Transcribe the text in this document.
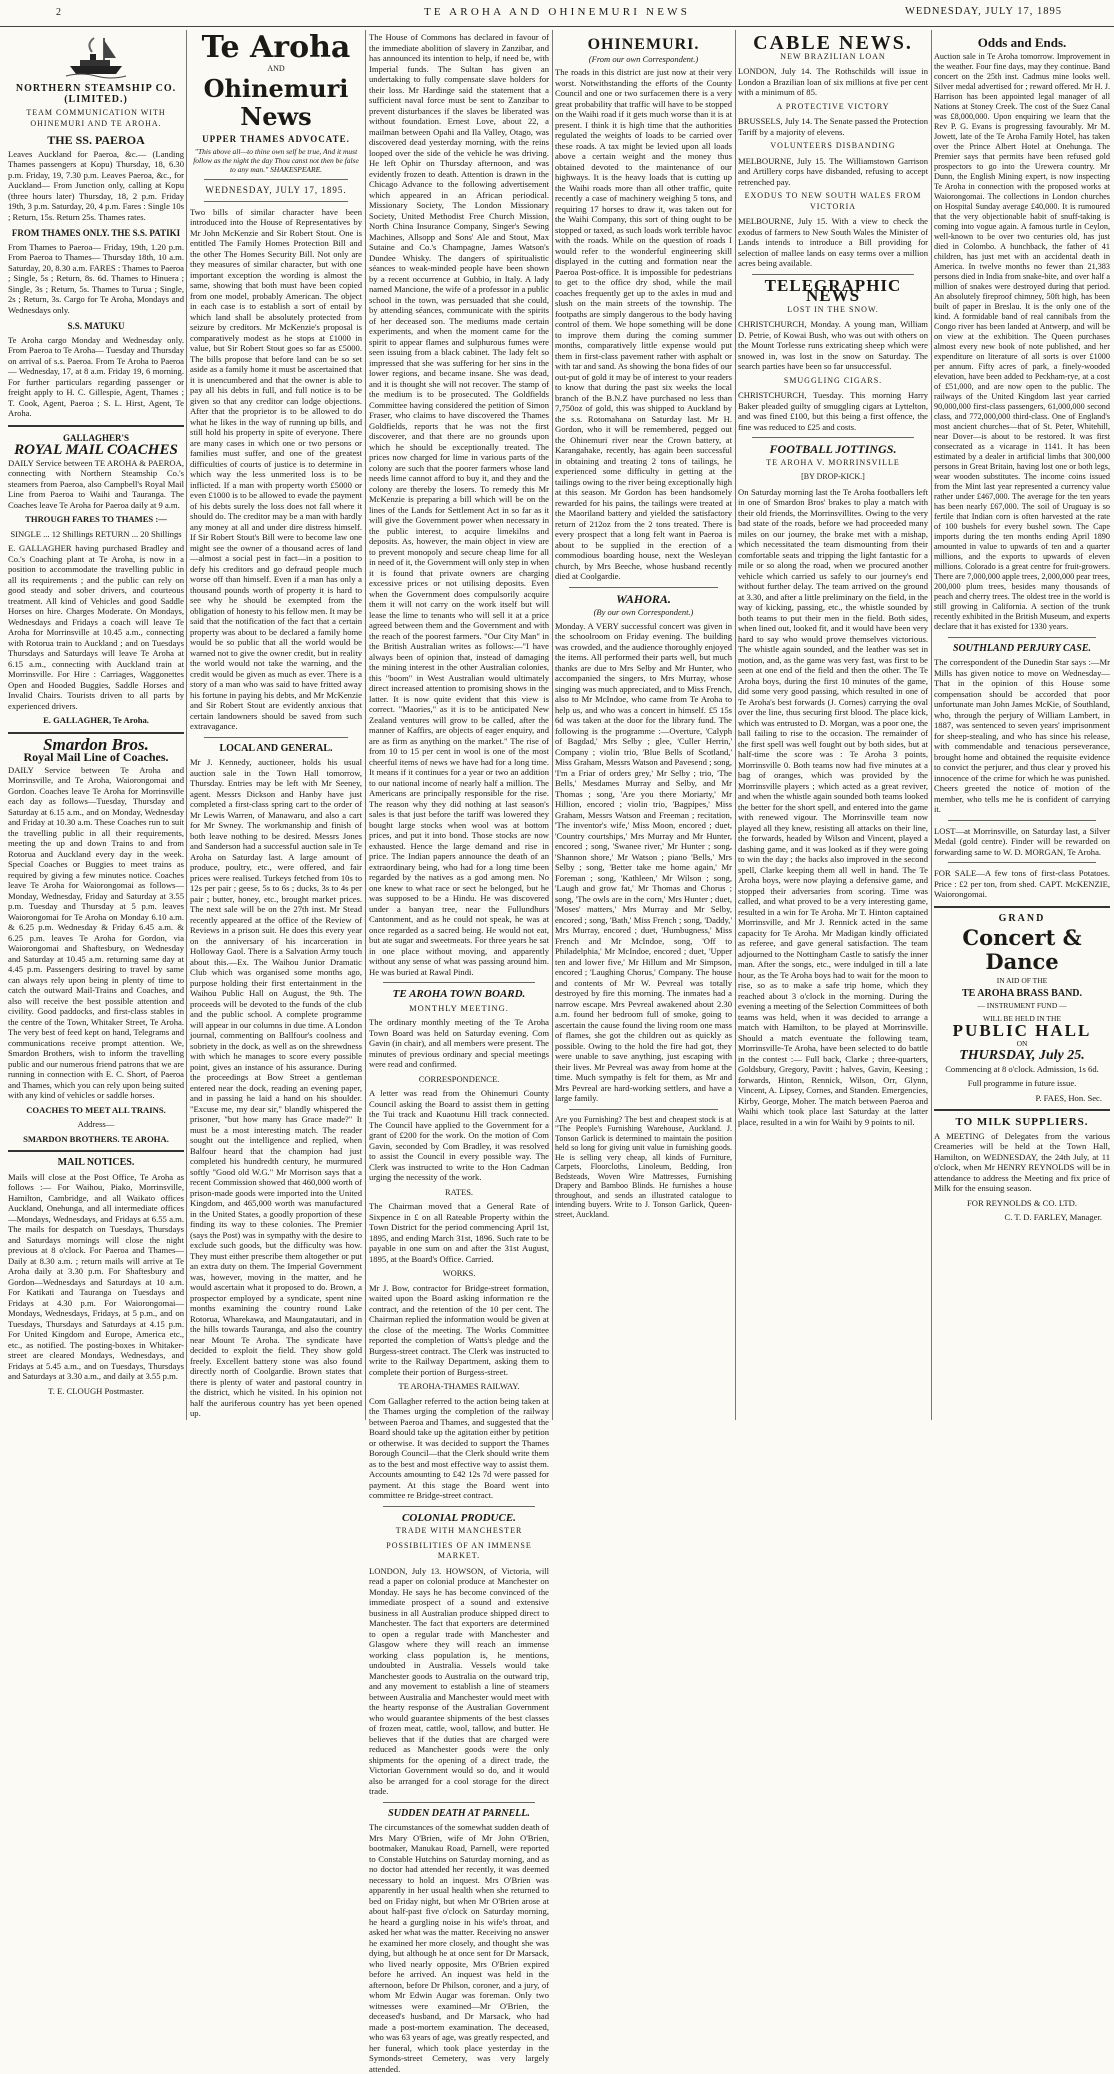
2	TE AROHA AND OHINEMURI NEWS	WEDNESDAY, JULY 17, 1895

NORTHERN STEAMSHIP CO. (LIMITED.)

TEAM COMMUNICATION WITH OHINEMURI AND TE AROHA.

THE SS. PAEROA

Leaves Auckland for Paeroa, &c.— (Landing Thames passengers at Kopu) Thursday, 18, 6.30 p.m. Friday, 19, 7.30 p.m. Leaves Paeroa, &c., for Auckland— From Junction only, calling at Kopu (three hours later) Thursday, 18, 2 p.m. Friday 19th, 3 p.m. Saturday, 20, 4 p.m. Fares : Single 10s ; Return, 15s. Return 25s. Thames rates.

FROM THAMES ONLY. THE S.S. PATIKI

From Thames to Paeroa— Friday, 19th, 1.20 p.m. From Paeroa to Thames— Thursday 18th, 10 a.m. Saturday, 20, 8.30 a.m. FARES : Thames to Paeroa ; Single, 5s ; Return, 8s. 6d. Thames to Hinuera ; Single, 3s ; Return, 5s. Thames to Turua ; Single, 2s ; Return, 3s. Cargo for Te Aroha, Mondays and Wednesdays only.

S.S. MATUKU

Te Aroha cargo Monday and Wednesday only. From Paeroa to Te Aroha— Tuesday and Thursday on arrival of s.s. Paeroa. From Te Aroha to Paeroa— Wednesday, 17, at 8 a.m. Friday 19, 6 morning. For further particulars regarding passenger or freight apply to H. C. Gillespie, Agent, Thames ; T. Cook, Agent, Paeroa ; S. L. Hirst, Agent, Te Aroha.

GALLAGHER'S

ROYAL MAIL COACHES

DAILY Service between TE AROHA & PAEROA, connecting with Northern Steamship Co.'s steamers from Paeroa, also Campbell's Royal Mail Line from Paeroa to Waihi and Tauranga. The Coaches leave Te Aroha for Paeroa daily at 9 a.m.

THROUGH FARES TO THAMES :—

SINGLE ... 12 Shillings RETURN ... 20 Shillings

E. GALLAGHER having purchased Bradley and Co.'s Coaching plant at Te Aroha, is now in a position to accommodate the travelling public in all its requirements ; and the public can rely on good steady and sober drivers, and courteous treatment. All kind of Vehicles and good Saddle Horses on hire. Charges Moderate. On Mondays, Wednesdays and Fridays a coach will leave Te Aroha for Morrinsville at 10.45 a.m., connecting with Rotorua train to Auckland ; and on Tuesdays Thursdays and Saturdays will leave Te Aroha at 6.15 a.m., connecting with Auckland train at Morrinsville. For Hire : Carriages, Waggonettes Open and Hooded Buggies, Saddle Horses and Invalid Chairs. Tourists driven to all parts by experienced drivers.

E. GALLAGHER, Te Aroha.

Smardon Bros.

Royal Mail Line of Coaches.

DAILY Service between Te Aroha and Morrinsville, and Te Aroha, Waiorongomai and Gordon. Coaches leave Te Aroha for Morrinsville each day as follows—Tuesday, Thursday and Saturday at 6.15 a.m., and on Monday, Wednesday and Friday at 10.30 a.m. These Coaches run to suit the travelling public in all their requirements, meeting the up and down Trains to and from Rotorua and Auckland every day in the week. Special Coaches or Buggies to meet trains as required by giving a few minutes notice. Coaches leave Te Aroha for Waiorongomai as follows—Monday, Wednesday, Friday and Saturday at 3.55 p.m. Tuesday and Thursday at 5 p.m. leaves Waiorongomai for Te Aroha on Monday 6.10 a.m. & 6.25 p.m. Wednesday & Friday 6.45 a.m. & 6.25 p.m. leaves Te Aroha for Gordon, via Waiorongomai and Shaftesbury, on Wednesday and Saturday at 10.45 a.m. returning same day at 4.45 p.m. Passengers desiring to travel by same can always rely upon being in plenty of time to catch the outward Mail-Trains and Coaches, and also will receive the best possible attention and civility. Good paddocks, and first-class stables in the centre of the Town, Whitaker Street, Te Aroha. The very best of feed kept on hand, Telegrams and communications receive prompt attention. We, Smardon Brothers, wish to inform the travelling public and our numerous friend patrons that we are running in connection with E. C. Short, of Paeroa and Thames, which you can rely upon being suited with any kind of vehicles or saddle horses.

COACHES TO MEET ALL TRAINS.

Address—

SMARDON BROTHERS. TE AROHA.

MAIL NOTICES.

Mails will close at the Post Office, Te Aroha as follows :— For Waihou, Piako, Morrinsville, Hamilton, Cambridge, and all Waikato offices Auckland, Onehunga, and all intermediate offices—Mondays, Wednesdays, and Fridays at 6.55 a.m. The mails for despatch on Tuesdays, Thursdays and Saturdays mornings will close the night previous at 8 o'clock. For Paeroa and Thames—Daily at 8.30 a.m. ; return mails will arrive at Te Aroha daily at 3.30 p.m. For Shaftesbury and Gordon—Wednesdays and Saturdays at 10 a.m. For Katikati and Tauranga on Tuesdays and Fridays at 4.30 p.m. For Waiorongomai—Mondays, Wednesdays, Fridays, at 5 p.m., and on Tuesdays, Thursdays and Saturdays at 4.15 p.m. For United Kingdom and Europe, America etc., etc., as notified. The posting-boxes in Whitaker-street are cleared Mondays, Wednesdays, and Fridays at 5.45 a.m., and on Tuesdays, Thursdays and Saturdays at 3.30 a.m., and daily at 3.55 p.m.

T. E. CLOUGH Postmaster.

Te Aroha

AND

Ohinemuri News

UPPER THAMES ADVOCATE.

"This above all—to thine own self be true, And it must follow as the night the day Thou canst not then be false to any man." SHAKESPEARE.

WEDNESDAY, JULY 17, 1895.

Two bills of similar character have been introduced into the House of Representatives by Mr John McKenzie and Sir Robert Stout. One is entitled The Family Homes Protection Bill and the other The Homes Security Bill. Not only are they measures of similar character, but with one important exception the wording is almost the same, showing that both must have been copied from one model, probably American. The object in each case is to establish a sort of entail by which land shall be absolutely protected from seizure by creditors. Mr McKenzie's proposal is comparatively modest as he stops at £1000 in value, but Sir Robert Stout goes so far as £5000. The bills propose that before land can be so set aside as a family home it must be ascertained that it is unencumbered and that the owner is able to pay all his debts in full, and full notice is to be given so that any creditor can lodge objections. After that the proprietor is to be allowed to do what he likes in the way of running up bills, and still hold his property in spite of everyone. There are many cases in which one or two persons or families must suffer, and one of the greatest difficulties of courts of justice is to determine in which way the less unmerited loss is to be inflicted. If a man with property worth £5000 or even £1000 is to be allowed to evade the payment of his debts surely the loss does not fall where it should do. The creditor may be a man with hardly any money at all and under dire distress himself. If Sir Robert Stout's Bill were to become law one might see the owner of a thousand acres of land—almost a social pest in fact—in a position to defy his creditors and go defraud people much worse off than himself. Even if a man has only a thousand pounds worth of property it is hard to see why he should be exempted from the obligation of honesty to his fellow men. It may be said that the notification of the fact that a certain property was about to be declared a family home would be so public that all the world would be warned not to give the owner credit, but in reality the world would not take the warning, and the credit would be given as much as ever. There is a story of a man who was said to have fritted away his fortune in paying his debts, and Mr McKenzie and Sir Robert Stout are evidently anxious that certain landowners should be saved from such extravagance.

LOCAL AND GENERAL.

Mr J. Kennedy, auctioneer, holds his usual auction sale in the Town Hall tomorrow, Thursday. Entries may be left with Mr Seeney, agent. Messrs Dickson and Hanby have just completed a first-class spring cart to the order of Mr Lewis Warren, of Manawaru, and also a cart for Mr Swney. The workmanship and finish of both leave nothing to be desired. Messrs Jones and Sanderson had a successful auction sale in Te Aroha on Saturday last. A large amount of produce, poultry, etc., were offered, and fair prices were realised. Turkeys fetched from 10s to 12s per pair ; geese, 5s to 6s ; ducks, 3s to 4s per pair ; butter, honey, etc., brought market prices. The next sale will be on the 27th inst. Mr Stead recently appeared at the office of the Review of Reviews in a prison suit. He does this every year on the anniversary of his incarceration in Holloway Gaol. There is a Salvation Army touch about this.—Ex. The Waihou Junior Dramatic Club which was organised some months ago, purpose holding their first entertainment in the Waihou Public Hall on August, the 9th. The proceeds will be devoted to the funds of the club and the public school. A complete programme will appear in our columns in due time. A London journal, commenting on Ballfour's coolness and sobriety in the dock, as well as on the shrewdness with which he manages to score every possible point, gives an instance of his assurance. During the proceedings at Bow Street a gentleman entered near the dock, reading an evening paper, and in passing he laid a hand on his shoulder. "Excuse me, my dear sir," blandly whispered the prisoner, "but how many has Grace made?" It must be a most interesting match. The reader sought out the intelligence and replied, when Balfour heard that the champion had just completed his hundredth century, he murmured softly "Good old W.G." Mr Morrison says that a recent Commission showed that 460,000 worth of prison-made goods were imported into the United Kingdom, and 465,000 worth was manufactured in the United States, a goodly proportion of these finding its way to these colonies. The Premier (says the Post) was in sympathy with the desire to exclude such goods, but the difficulty was how. They must either prescribe them altogether or put an extra duty on them. The Imperial Government was, however, moving in the matter, and he would ascertain what it proposed to do. Brown, a prospector employed by a syndicate, spent nine months examining the country round Lake Rotorua, Wharekawa, and Maungatautari, and in the hills towards Tauranga, and also the country near Mount Te Aroha. The syndicate have decided to exploit the field. They show gold freely. Excellent battery stone was also found directly north of Coolgardie. Brown states that there is plenty of water and pastoral country in the district, which he visited. In his opinion not half the auriferous country has yet been opened up.

The House of Commons has declared in favour of the immediate abolition of slavery in Zanzibar, and has announced its intention to help, if need be, with Imperial funds. The Sultan has given an undertaking to fully compensate slave holders for their loss. Mr Hardinge said the statement that a sufficient naval force must be sent to Zanzibar to prevent disturbances if the slaves be liberated was without foundation. Ernest Love, about 22, a mailman between Opahi and Ila Valley, Otago, was discovered dead yesterday morning, with the reins looped over the side of the vehicle he was driving. He left Ophir on Thursday afternoon, and was evidently frozen to death. Attention is drawn in the Chicago Advance to the following advertisement which appeared in an African periodical. Missionary Society, The London Missionary Society, United Methodist Free Church Mission, North China Insurance Company, Singer's Sewing Machines, Allsopp and Sons' Ale and Stout, Max Sutaine and Co.'s Champagne, James Watson's Dundee Whisky. The dangers of spiritualistic séances to weak-minded people have been shown by a recent occurrence at Gubbio, in Italy. A lady named Mancione, the wife of a professor in a public school in the town, was persuaded that she could, by attending séances, communicate with the spirits of her deceased son. The mediums made certain experiments, and when the moment came for the spirit to appear flames and sulphurous fumes were seen issuing from a black cabinet. The lady felt so impressed that she was suffering for her sins in the lower regions, and became insane. She was dead, and it is thought she will not recover. The stamp of the medium is to be prosecuted. The Goldfields Committee having considered the petition of Simon Fraser, who claims to have discovered the Thames Goldfields, reports that he was not the first discoverer, and that there are no grounds upon which he should be exceptionally treated. The prices now charged for lime in various parts of the colony are such that the poorer farmers whose land needs lime cannot afford to buy it, and they and the colony are thereby the losers. To remedy this Mr McKenzie is preparing a bill which will be on the lines of the Lands for Settlement Act in so far as it will give the Government power when necessary in the public interest, to acquire limekilns and deposits. As, however, the main object in view are to prevent monopoly and secure cheap lime for all in need of it, the Government will only step in when it is found that private owners are charging excessive prices or not utilising deposits. Even when the Government does compulsorily acquire them it will not carry on the work itself but will lease the lime to tenants who will sell it at a price agreed between them and the Government and with the reach of the poorest farmers. "Our City Man" in the British Australian writes as follows:—"I have always been of opinion that, instead of damaging the mining interest in the other Australian colonies, this "boom" in West Australian would ultimately direct increased attention to promising shows in the latter. It is now quite evident that this view is correct. "Maories," as it is to be anticipated New Zealand ventures will grow to be called, after the manner of Kaffirs, are objects of eager enquiry, and are as firm as anything on the market." The rise of from 10 to 15 per cent in wool is one of the most cheerful items of news we have had for a long time. It means if it continues for a year or two an addition to our national income of nearly half a million. The Americans are principally responsible for the rise. The reason why they did nothing at last season's sales is that just before the tariff was lowered they bought large stocks when wool was at bottom prices, and put it into bond. Those stocks are now exhausted. Hence the large demand and rise in price. The Indian papers announce the death of an extraordinary being, who had for a long time been regarded by the natives as a god among men. No one knew to what race or sect he belonged, but he was supposed to be a Hindu. He was discovered under a banyan tree, near the Fullundhurs Cantonment, and as he could not speak, he was at once regarded as a sacred being. He would not eat, but ate sugar and sweetmeats. For three years he sat in one place without moving, and apparently without any sense of what was passing around him. He was buried at Rawal Pindi.

TE AROHA TOWN BOARD.

MONTHLY MEETING.

The ordinary monthly meeting of the Te Aroha Town Board was held on Saturday evening. Com Gavin (in chair), and all members were present. The minutes of previous ordinary and special meetings were read and confirmed.

CORRESPONDENCE.

A letter was read from the Ohinemuri County Council asking the Board to assist them in getting the Tui track and Kuaotunu Hill track connected. The Council have applied to the Government for a grant of £200 for the work. On the motion of Com Gavin, seconded by Com Bradley, it was resolved to assist the Council in every possible way. The Clerk was instructed to write to the Hon Cadman urging the necessity of the work.

RATES.

The Chairman moved that a General Rate of Sixpence in £ on all Rateable Property within the Town District for the period commencing April 1st, 1895, and ending March 31st, 1896. Such rate to be payable in one sum on and after the 31st August, 1895, at the Board's Office. Carried.

WORKS.

Mr J. Bow, contractor for Bridge-street formation, waited upon the Board asking information re the contract, and the retention of the 10 per cent. The Chairman replied the information would be given at the close of the meeting. The Works Committee reported the completion of Watts's pledge and the Burgess-street contract. The Clerk was instructed to write to the Railway Department, asking them to complete their portion of Burgess-street.

TE AROHA-THAMES RAILWAY.

Com Gallagher referred to the action being taken at the Thames urging the completion of the railway between Paeroa and Thames, and suggested that the Board should take up the agitation either by petition or otherwise. It was decided to support the Thames Borough Council—that the Clerk should write them as to the best and most effective way to assist them. Accounts amounting to £42 12s 7d were passed for payment. At this stage the Board went into committee re Bridge-street contract.

COLONIAL PRODUCE.

TRADE WITH MANCHESTER

POSSIBILITIES OF AN IMMENSE MARKET.

LONDON, July 13. HOWSON, of Victoria, will read a paper on colonial produce at Manchester on Monday. He says he has become convinced of the immediate prospect of a sound and extensive business in all Australian produce shipped direct to Manchester. The fact that exporters are determined to open a regular trade with Manchester and Glasgow where they will reach an immense working class population is, he mentions, undoubted in Australia. Vessels would take Manchester goods to Australia on the outward trip, and any movement to establish a line of steamers between Australia and Manchester would meet with the hearty response of the Australian Government who would guarantee shipments of the best classes of frozen meat, cattle, wool, tallow, and butter. He believes that if the duties that are charged were reduced as Manchester goods were the only shipments for the opening of a direct trade, the Victorian Government would so do, and it would also be arranged for a cool storage for the direct trade.

SUDDEN DEATH AT PARNELL.

The circumstances of the somewhat sudden death of Mrs Mary O'Brien, wife of Mr John O'Brien, bootmaker, Manukau Road, Parnell, were reported to Constable Hutchins on Saturday morning, and as no doctor had attended her recently, it was deemed necessary to hold an inquest. Mrs O'Brien was apparently in her usual health when she returned to bed on Friday night, but when Mr O'Brien arose at about half-past five o'clock on Saturday morning, he heard a gurgling noise in his wife's throat, and asked her what was the matter. Receiving no answer he examined her more closely, and thought she was dying, but although he at once sent for Dr Marsack, who lived nearly opposite, Mrs O'Brien expired before he arrived. An inquest was held in the afternoon, before Dr Philson, coroner, and a jury, of whom Mr Edwin Augar was foreman. Only two witnesses were examined—Mr O'Brien, the deceased's husband, and Dr Marsack, who had made a post-mortem examination. The deceased, who was 63 years of age, was greatly respected, and her funeral, which took place yesterday in the Symonds-street Cemetery, was very largely attended.

OHINEMURI.

(From our own Correspondent.)

The roads in this district are just now at their very worst. Notwithstanding the efforts of the County Council and one or two surfacemen there is a very great probability that traffic will have to be stopped on the Waihi road if it gets much worse than it is at present. I think it is high time that the authorities regulated the weights of loads to be carried over these roads. A tax might be levied upon all loads above a certain weight and the money thus obtained devoted to the maintenance of our highways. It is the heavy loads that is cutting up the Waihi roads more than all other traffic, quite recently a case of machinery weighing 5 tons, and requiring 17 horses to draw it, was taken out for the Waihi Company, this sort of thing ought to be stopped or taxed, as such loads work terrible havoc with the roads. While on the question of roads I would refer to the wonderful engineering skill displayed in the cutting and formation near the Paeroa Post-office. It is impossible for pedestrians to get to the office dry shod, while the mail coaches frequently get up to the axles in mud and slush on the main streets of the township. The footpaths are simply dangerous to the body having control of them. We hope something will be done to improve them during the coming summer months, comparatively little expense would put them in first-class pavement rather with asphalt or with tar and sand. As showing the bona fides of our out-put of gold it may be of interest to your readers to know that during the past six weeks the local branch of the B.N.Z have purchased no less than 7,750oz of gold, this was shipped to Auckland by the s.s. Rotomahana on Saturday last. Mr H. Gordon, who it will be remembered, pegged out the Ohinemuri river near the Crown battery, at Karangahake, recently, has again been successful in obtaining and treating 2 tons of tailings, he experienced some difficulty in getting at the tailings owing to the river being exceptionally high at this season. Mr Gordon has been handsomely rewarded for his pains, the tailings were treated at the Maoriland battery and yielded the satisfactory return of 212oz from the 2 tons treated. There is every prospect that a long felt want in Paeroa is about to be supplied in the erection of a commodious boarding house, next the Wesleyan church, by Mrs Beeche, whose husband recently died at Coolgardie.

WAHORA.

(By our own Correspondent.)

Monday. A VERY successful concert was given in the schoolroom on Friday evening. The building was crowded, and the audience thoroughly enjoyed the items. All performed their parts well, but much thanks are due to Mrs Selby and Mr Hunter, who accompanied the singers, to Mrs Murray, whose singing was much appreciated, and to Miss French, also to Mr McIndoe, who came from Te Aroha to help us, and who was a concert in himself. £5 15s 6d was taken at the door for the library fund. The following is the programme :—Overture, 'Calyph of Bagdad,' Mrs Selby ; glee, 'Culler Herrin,' Company ; violin trio, 'Blue Bells of Scotland,' Miss Graham, Messrs Watson and Pavesend ; song, 'I'm a Friar of orders grey,' Mr Selby ; trio, 'The Bells,' Mesdames Murray and Selby, and Mr Thomas ; song, 'Are you there Moriarty,' Mr Hillion, encored ; violin trio, 'Bagpipes,' Miss Graham, Messrs Watson and Freeman ; recitation, 'The inventor's wife,' Miss Moon, encored ; duet, 'Country courtships,' Mrs Murray and Mr Hunter, encored ; song, 'Swanee river,' Mr Hunter ; song, 'Shannon shore,' Mr Watson ; piano 'Bells,' Mrs Selby ; song, 'Better take me home again,' Mr Foreman ; song, 'Kathleen,' Mr Wilson ; song, 'Laugh and grow fat,' Mr Thomas and Chorus ; song, 'The owls are in the corn,' Mrs Hunter ; duet, 'Moses' matters,' Mrs Murray and Mr Selby, encored ; song, 'Bath,' Miss French ; song, 'Daddy,' Mrs Murray, encored ; duet, 'Humbugness,' Miss French and Mr McIndoe, song, 'Off to Philadelphia,' Mr McIndoe, encored ; duet, 'Upper ten and lower five,' Mr Hillum and Mr Simpson, encored ; 'Laughing Chorus,' Company. The house and contents of Mr W. Pevreal was totally destroyed by fire this morning. The inmates had a narrow escape. Mrs Pevreal awakened about 2.30 a.m. found her bedroom full of smoke, going to ascertain the cause found the living room one mass of flames, she got the children out as quickly as possible. Owing to the hold the fire had got, they were unable to save anything, just escaping with their lives. Mr Pevreal was away from home at the time. Much sympathy is felt for them, as Mr and Mrs Pevreal are hard-working settlers, and have a large family.

Are you Furnishing? The best and cheapest stock is at "The People's Furnishing Warehouse, Auckland. J. Tonson Garlick is determined to maintain the position held so long for giving unit value in furnishing goods. He is selling very cheap, all kinds of Furniture, Carpets, Floorcloths, Linoleum, Bedding, Iron Bedsteads, Woven Wire Mattresses, Furnishing Drapery and Bamboo Blinds. He furnishes a house throughout, and sends an illustrated catalogue to intending buyers. Write to J. Tonson Garlick, Queen-street, Auckland.

CABLE NEWS.

NEW BRAZILIAN LOAN

LONDON, July 14. The Rothschilds will issue in London a Brazilian loan of six millions at five per cent with a minimum of 85.

A PROTECTIVE VICTORY

BRUSSELS, July 14. The Senate passed the Protection Tariff by a majority of elevens.

VOLUNTEERS DISBANDING

MELBOURNE, July 15. The Williamstown Garrison and Artillery corps have disbanded, refusing to accept retrenched pay.

EXODUS TO NEW SOUTH WALES FROM VICTORIA

MELBOURNE, July 15. With a view to check the exodus of farmers to New South Wales the Minister of Lands intends to introduce a Bill providing for selection of mallee lands on easy terms over a million acres being available.

TELEGRAPHIC NEWS

LOST IN THE SNOW.

CHRISTCHURCH, Monday. A young man, William D. Petrie, of Kowai Bush, who was out with others on the Mount Torlesse runs extricating sheep which were snowed in, was lost in the snow on Saturday. The search parties have been so far unsuccessful.

SMUGGLING CIGARS.

CHRISTCHURCH, Tuesday. This morning Harry Baker pleaded guilty of smuggling cigars at Lyttelton, and was fined £100, but this being a first offence, the fine was reduced to £25 and costs.

FOOTBALL JOTTINGS.

TE AROHA V. MORRINSVILLE

[BY DROP-KICK.]

On Saturday morning last the Te Aroha footballers left in one of Smardon Bros' brakes to play a match with their old friends, the Morrinsvillites. Owing to the very bad state of the roads, before we had proceeded many miles on our journey, the brake met with a mishap, which necessitated the team dismounting from their comfortable seats and tripping the light fantastic for a mile or so along the road, when we procured another vehicle which carried us safely to our journey's end without further delay. The team arrived on the ground at 3.30, and after a little preliminary on the field, in the way of kicking, passing, etc., the whistle sounded by both teams to put their men in the field. Both sides, when lined out, looked fit, and it would have been very hard to say who would prove themselves victorious. The whistle again sounded, and the leather was set in motion, and, as the game was very fast, was first to be seen at one end of the field and then the other. The Te Aroha boys, during the first 10 minutes of the game, did some very good passing, which resulted in one of Te Aroha's best forwards (J. Cornes) carrying the oval over the line, thus securing first blood. The place kick, which was entrusted to D. Morgan, was a poor one, the ball failing to rise to the occasion. The remainder of the first spell was well fought out by both sides, but at half-time the score was : Te Aroha 3 points, Morrinsville 0. Both teams now had five minutes at a bag of oranges, which was provided by the Morrinsville players ; which acted as a great reviver, and when the whistle again sounded both teams looked the better for the short spell, and entered into the game with renewed vigour. The Morrinsville team now played all they knew, resisting all attacks on their line, the forwards, headed by Wilson and Vincent, played a dashing game, and it was looked as if they were going to win the day ; the backs also improved in the second spell, Clarke keeping them all well in hand. The Te Aroha boys, were now playing a defensive game, and stopped their adversaries from scoring. Time was called, and what proved to be a very interesting game, resulted in a win for Te Aroha. Mr T. Hinton captained Morrinsville, and Mr J. Rennick acted in the same capacity for Te Aroha. Mr Madigan kindly officiated as referee, and gave general satisfaction. The team adjourned to the Nottingham Castle to satisfy the inner man. After the songs, etc., were indulged in till a late hour, as the Te Aroha boys had to wait for the moon to rise, so as to make a safe trip home, which they reached about 3 o'clock in the morning. During the evening a meeting of the Selection Committees of both teams was held, when it was decided to arrange a match with Hamilton, to be played at Morrinsville. Should a match eventuate the following team, Morrinsville-Te Aroha, have been selected to do battle in the contest :— Full back, Clarke ; three-quarters, Goldsbury, Gregory, Pavitt ; halves, Gavin, Keesing ; forwards, Hinton, Rennick, Wilson, Orr, Glynn, Vincent, A. Lipsey, Cornes, and Standen. Emergencies, Kirby, George, Moher. The match between Paeroa and Waihi which took place last Saturday at the latter place, resulted in a win for Waihi by 9 points to nil.

Odds and Ends.

Auction sale in Te Aroha tomorrow. Improvement in the weather. Four fine days, may they continue. Band concert on the 25th inst. Cadmus mine looks well. Silver medal advertised for ; reward offered. Mr H. J. Harrison has been appointed legal manager of all Nations at Stoney Creek. The cost of the Suez Canal was £8,000,000. Upon enquiring we learn that the Rev P. G. Evans is progressing favourably. Mr M. Jowett, late of the Te Aroha Family Hotel, has taken over the Prince Albert Hotel at Onehunga. The Premier says that permits have been refused gold prospectors to go into the Urewera country. Mr Dunn, the English Mining expert, is now inspecting Te Aroha in connection with the proposed works at Waiorongomai. The collections in London churches on Hospital Sunday average £40,000. It is rumoured that the very objectionable habit of snuff-taking is coming into vogue again. A famous turtle in Ceylon, well-known to be over two centuries old, has just died in Colombo. A hunchback, the father of 41 children, has just met with an accidental death in America. In twelve months no fewer than 21,383 persons died in India from snake-bite, and over half a million of snakes were destroyed during that period. An absolutely fireproof chimney, 50ft high, has been built of paper in Breslau. It is the only one of the kind. A formidable band of real cannibals from the Congo river has been landed at Antwerp, and will be on view at the exhibition. The Queen purchases almost every new book of note published, and her expenditure on literature of all sorts is over £1000 per annum. Fifty acres of park, a finely-wooded elevation, have been added to Peckham-rye, at a cost of £51,000, and are now open to the public. The railways of the United Kingdom last year carried 90,000,000 first-class passengers, 61,000,000 second class, and 772,000,000 third-class. One of England's most ancient churches—that of St. Peter, Whitehill, near Dover—is about to be restored. It was first consecrated as a vicarage in 1141. It has been estimated by a dealer in artificial limbs that 300,000 persons in Great Britain, having lost one or both legs, wear wooden substitutes. The income coins issued from the Mint last year represented a currency value rather under £467,000. The average for the ten years has been nearly £67,000. The soil of Uruguay is so fertile that Indian corn is often harvested at the rate of 100 bushels for every bushel sown. The Cape imports during the ten months ending April 1890 amounted in value to upwards of ten and a quarter millions, and the exports to upwards of eleven millions. Colorado is a great centre for fruit-growers. There are 7,000,000 apple trees, 2,000,000 pear trees, 200,000 plum trees, besides many thousands of peach and cherry trees. The oldest tree in the world is still growing in California. A section of the trunk recently exhibited in the British Museum, and experts declare that it has existed for 1330 years.

SOUTHLAND PERJURY CASE.

The correspondent of the Dunedin Star says :—Mr Mills has given notice to move on Wednesday—That in the opinion of this House some compensation should be accorded that poor unfortunate man John James McKie, of Southland, who, through the perjury of William Lambert, in 1887, was sentenced to seven years' imprisonment for sheep-stealing, and who has since his release, with commendable and tenacious perseverance, brought home and obtained the requisite evidence to convict the perjurer, and thus clear y proved his innocence of the crime for which he was punished. Cheers greeted the notice of motion of the member, who tells me he is confident of carrying it.

LOST—at Morrinsville, on Saturday last, a Silver Medal (gold centre). Finder will be rewarded on forwarding same to W. D. MORGAN, Te Aroha.

FOR SALE—A few tons of first-class Potatoes. Price : £2 per ton, from shed. CAPT. McKENZIE, Waiorongomai.

GRAND

Concert & Dance

IN AID OF THE

TE AROHA BRASS BAND.

— INSTRUMENT FUND —

WILL BE HELD IN THE

PUBLIC HALL

ON

THURSDAY, July 25.

Commencing at 8 o'clock. Admission, 1s 6d.

Full programme in future issue.

P. FAES, Hon. Sec.

TO MILK SUPPLIERS.

A MEETING of Delegates from the various Creameries will be held at the Town Hall, Hamilton, on WEDNESDAY, the 24th July, at 11 o'clock, when Mr HENRY REYNOLDS will be in attendance to address the Meeting and fix price of Milk for the ensuing season.

FOR REYNOLDS & CO. LTD.

C. T. D. FARLEY, Manager.
